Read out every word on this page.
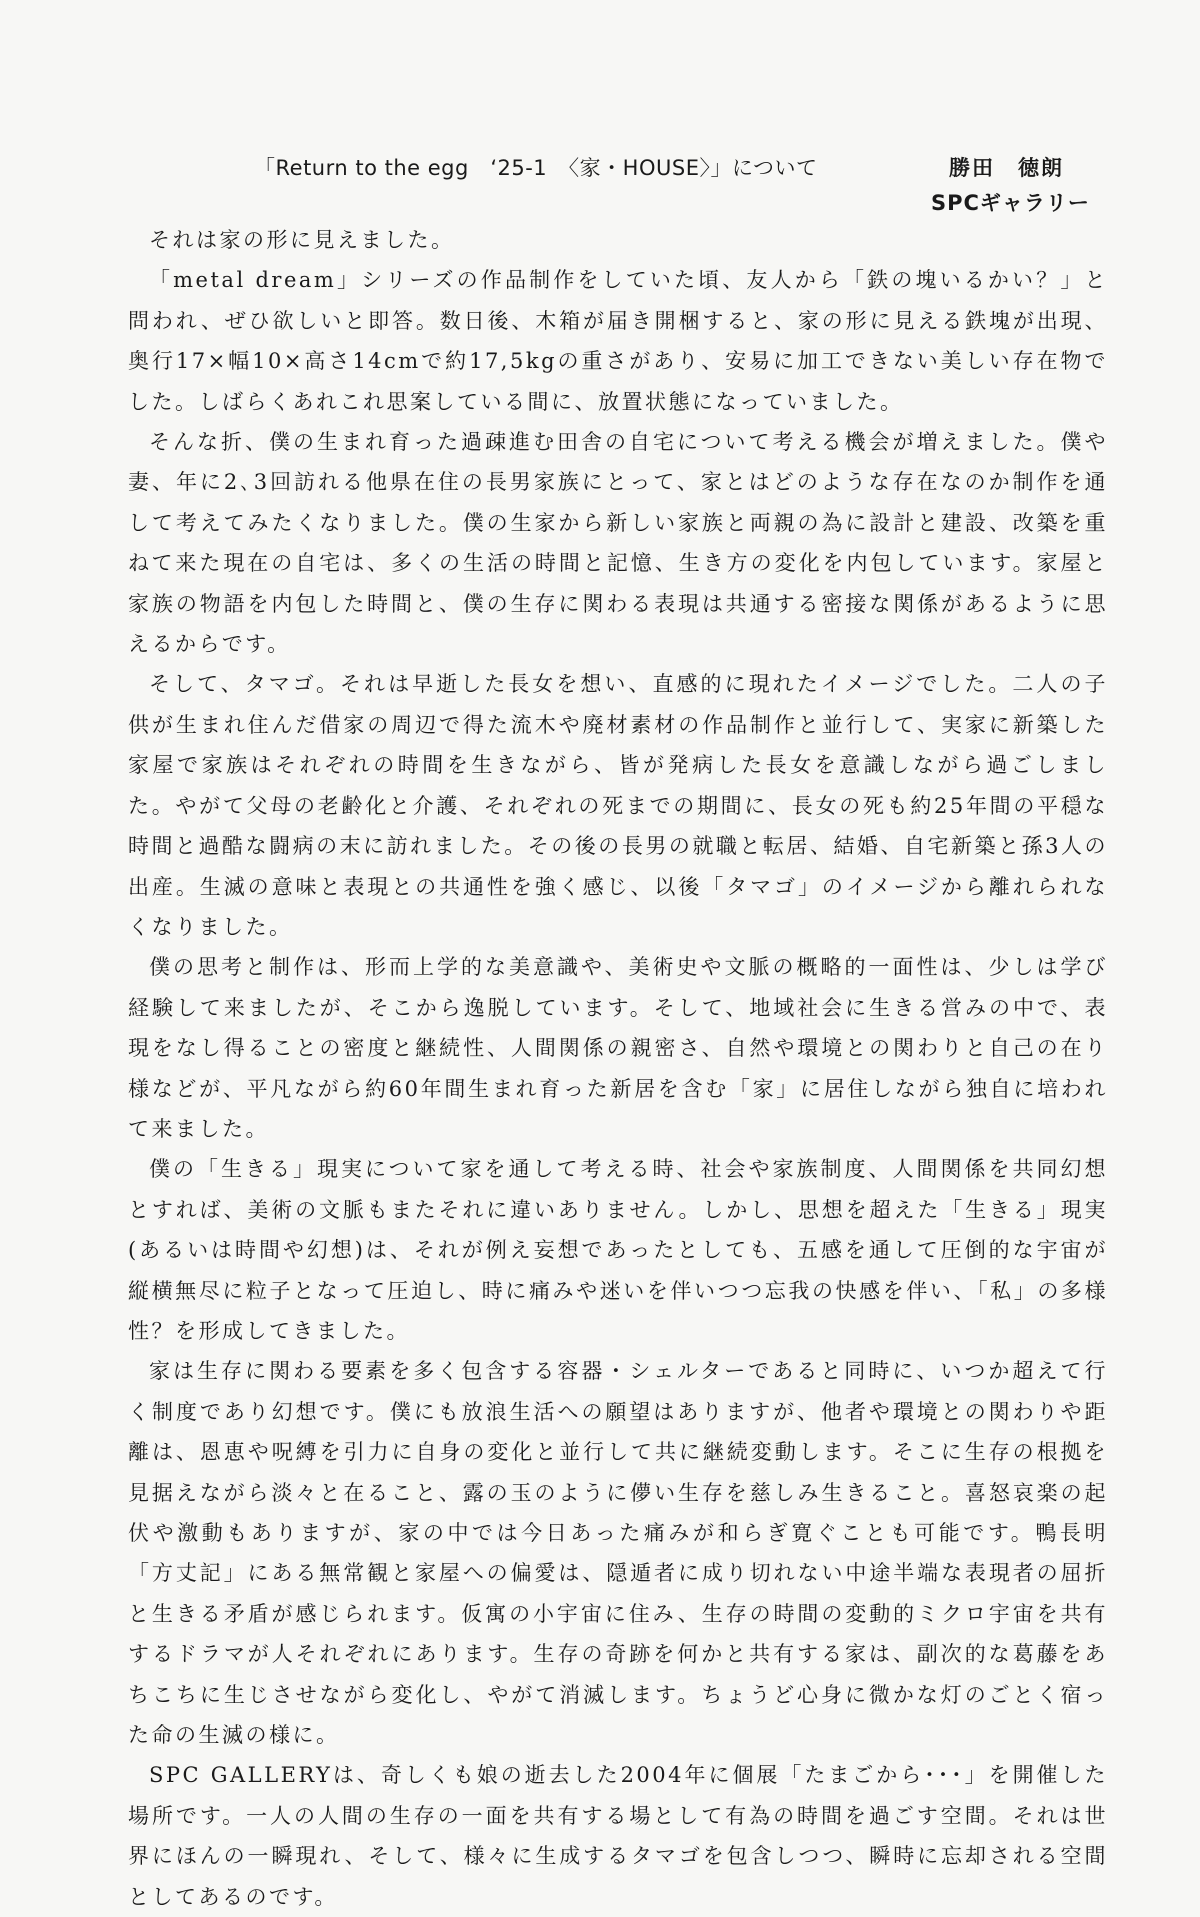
「Return to the egg　‘25-1　〈家・HOUSE〉」について	勝田　徳朗
SPCギャラリー

それは家の形に見えました。

「metal dream」シリーズの作品制作をしていた頃、友人から「鉄の塊いるかい？」と問われ、ぜひ欲しいと即答。数日後、木箱が届き開梱すると、家の形に見える鉄塊が出現、奥行17×幅10×高さ14cmで約17,5kgの重さがあり、安易に加工できない美しい存在物でした。しばらくあれこれ思案している間に、放置状態になっていました。

そんな折、僕の生まれ育った過疎進む田舎の自宅について考える機会が増えました。僕や妻、年に2､3回訪れる他県在住の長男家族にとって、家とはどのような存在なのか制作を通して考えてみたくなりました。僕の生家から新しい家族と両親の為に設計と建設、改築を重ねて来た現在の自宅は、多くの生活の時間と記憶、生き方の変化を内包しています。家屋と家族の物語を内包した時間と、僕の生存に関わる表現は共通する密接な関係があるように思えるからです。

そして、タマゴ。それは早逝した長女を想い、直感的に現れたイメージでした。二人の子供が生まれ住んだ借家の周辺で得た流木や廃材素材の作品制作と並行して、実家に新築した家屋で家族はそれぞれの時間を生きながら、皆が発病した長女を意識しながら過ごしました。やがて父母の老齢化と介護、それぞれの死までの期間に、長女の死も約25年間の平穏な時間と過酷な闘病の末に訪れました。その後の長男の就職と転居、結婚、自宅新築と孫3人の出産。生滅の意味と表現との共通性を強く感じ、以後「タマゴ」のイメージから離れられなくなりました。

僕の思考と制作は、形而上学的な美意識や、美術史や文脈の概略的一面性は、少しは学び経験して来ましたが、そこから逸脱しています。そして、地域社会に生きる営みの中で、表現をなし得ることの密度と継続性、人間関係の親密さ、自然や環境との関わりと自己の在り様などが、平凡ながら約60年間生まれ育った新居を含む「家」に居住しながら独自に培われて来ました。

僕の「生きる」現実について家を通して考える時、社会や家族制度、人間関係を共同幻想とすれば、美術の文脈もまたそれに違いありません。しかし、思想を超えた「生きる」現実(あるいは時間や幻想)は、それが例え妄想であったとしても、五感を通して圧倒的な宇宙が縦横無尽に粒子となって圧迫し、時に痛みや迷いを伴いつつ忘我の快感を伴い、「私」の多様性？を形成してきました。

家は生存に関わる要素を多く包含する容器・シェルターであると同時に、いつか超えて行く制度であり幻想です。僕にも放浪生活への願望はありますが、他者や環境との関わりや距離は、恩恵や呪縛を引力に自身の変化と並行して共に継続変動します。そこに生存の根拠を見据えながら淡々と在ること、露の玉のように儚い生存を慈しみ生きること。喜怒哀楽の起伏や激動もありますが、家の中では今日あった痛みが和らぎ寛ぐことも可能です。鴨長明「方丈記」にある無常観と家屋への偏愛は、隠遁者に成り切れない中途半端な表現者の屈折と生きる矛盾が感じられます。仮寓の小宇宙に住み、生存の時間の変動的ミクロ宇宙を共有するドラマが人それぞれにあります。生存の奇跡を何かと共有する家は、副次的な葛藤をあちこちに生じさせながら変化し、やがて消滅します。ちょうど心身に微かな灯のごとく宿った命の生滅の様に。

SPC GALLERYは、奇しくも娘の逝去した2004年に個展「たまごから･･･」を開催した場所です。一人の人間の生存の一面を共有する場として有為の時間を過ごす空間。それは世界にほんの一瞬現れ、そして、様々に生成するタマゴを包含しつつ、瞬時に忘却される空間としてあるのです。
